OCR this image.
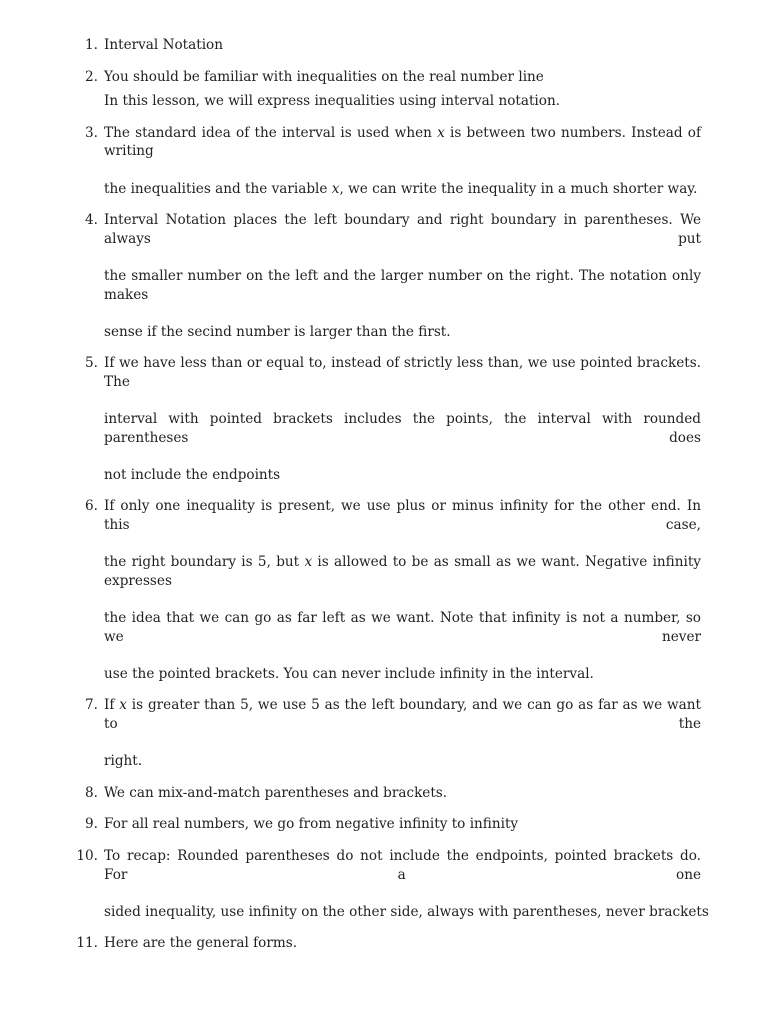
1. Interval Notation
2. You should be familiar with inequalities on the real number line
In this lesson, we will express inequalities using interval notation.
3. The standard idea of the interval is used when x is between two numbers. Instead of writing
the inequalities and the variable x, we can write the inequality in a much shorter way.
4. Interval Notation places the left boundary and right boundary in parentheses. We always put
the smaller number on the left and the larger number on the right. The notation only makes
sense if the secind number is larger than the first.
5. If we have less than or equal to, instead of strictly less than, we use pointed brackets. The
interval with pointed brackets includes the points, the interval with rounded parentheses does
not include the endpoints
6. If only one inequality is present, we use plus or minus infinity for the other end. In this case,
the right boundary is 5, but x is allowed to be as small as we want. Negative infinity expresses
the idea that we can go as far left as we want. Note that infinity is not a number, so we never
use the pointed brackets. You can never include infinity in the interval.
7. If x is greater than 5, we use 5 as the left boundary, and we can go as far as we want to the
right.
8. We can mix-and-match parentheses and brackets.
9. For all real numbers, we go from negative infinity to infinity
10. To recap: Rounded parentheses do not include the endpoints, pointed brackets do. For a one
sided inequality, use infinity on the other side, always with parentheses, never brackets
11. Here are the general forms.
